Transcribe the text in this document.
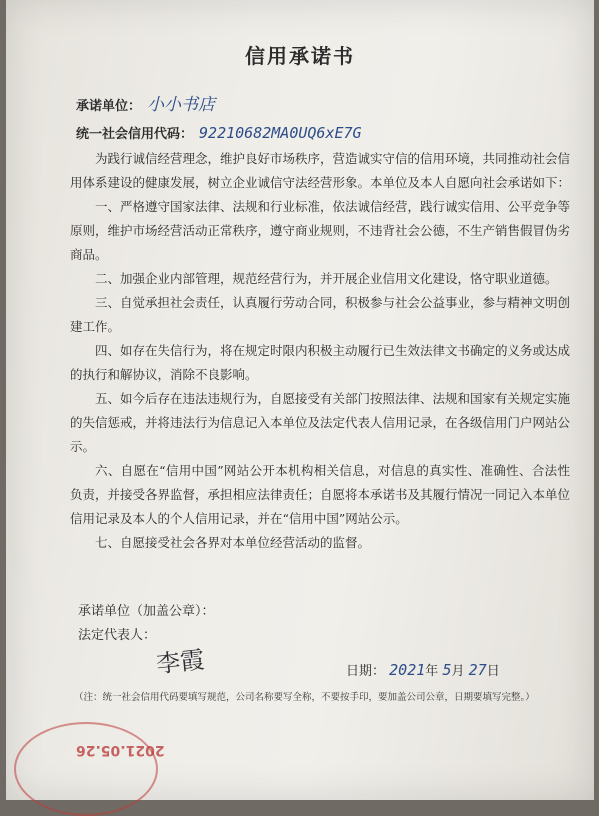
信用承诺书
承诺单位： 小小书店
统一社会信用代码： 92210682MA0UQ6xE7G

为践行诚信经营理念，维护良好市场秩序，营造诚实守信的信用环境，共同推动社会信用体系建设的健康发展，树立企业诚信守法经营形象。本单位及本人自愿向社会承诺如下：

一、严格遵守国家法律、法规和行业标准，依法诚信经营，践行诚实信用、公平竞争等原则，维护市场经营活动正常秩序，遵守商业规则，不违背社会公德，不生产销售假冒伪劣商品。

二、加强企业内部管理，规范经营行为，并开展企业信用文化建设，恪守职业道德。

三、自觉承担社会责任，认真履行劳动合同，积极参与社会公益事业，参与精神文明创建工作。

四、如存在失信行为，将在规定时限内积极主动履行已生效法律文书确定的义务或达成的执行和解协议，消除不良影响。

五、如今后存在违法违规行为，自愿接受有关部门按照法律、法规和国家有关规定实施的失信惩戒，并将违法行为信息记入本单位及法定代表人信用记录，在各级信用门户网站公示。

六、自愿在“信用中国”网站公开本机构相关信息，对信息的真实性、准确性、合法性负责，并接受各界监督，承担相应法律责任；自愿将本承诺书及其履行情况一同记入本单位信用记录及本人的个人信用记录，并在“信用中国”网站公示。

七、自愿接受社会各界对本单位经营活动的监督。

承诺单位（加盖公章）：
法定代表人：
李霞	日期： 2021年 5月 27日
（注：统一社会信用代码要填写规范，公司名称要写全称，不要按手印，要加盖公司公章，日期要填写完整。）
2021.05.26
